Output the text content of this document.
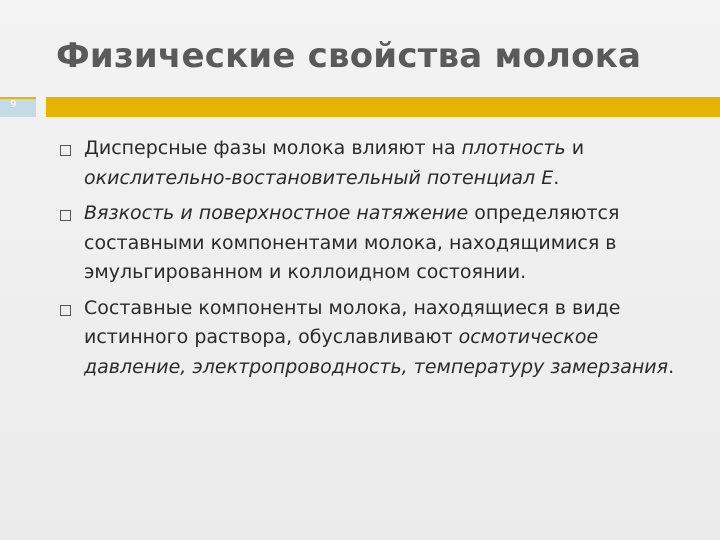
Физические свойства молока
9
Дисперсные фазы молока влияют на плотность и окислительно-востановительный потенциал Е.
Вязкость и поверхностное натяжение определяются составными компонентами молока, находящимися в эмульгированном и коллоидном состоянии.
Составные компоненты молока, находящиеся в виде истинного раствора, обуславливают осмотическое давление, электропроводность, температуру замерзания.
